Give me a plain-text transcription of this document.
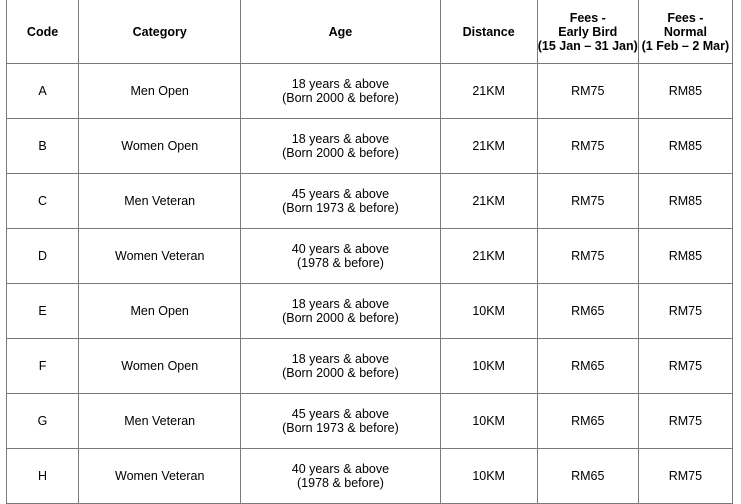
Code	Category	Age	Distance	Fees -
Early Bird
(15 Jan – 31 Jan)	Fees -
Normal
(1 Feb – 2 Mar)

A	Men Open	18 years & above
(Born 2000 & before)	21KM	RM75	RM85
B	Women Open	18 years & above
(Born 2000 & before)	21KM	RM75	RM85
C	Men Veteran	45 years & above
(Born 1973 & before)	21KM	RM75	RM85
D	Women Veteran	40 years & above
(1978 & before)	21KM	RM75	RM85
E	Men Open	18 years & above
(Born 2000 & before)	10KM	RM65	RM75
F	Women Open	18 years & above
(Born 2000 & before)	10KM	RM65	RM75
G	Men Veteran	45 years & above
(Born 1973 & before)	10KM	RM65	RM75
H	Women Veteran	40 years & above
(1978 & before)	10KM	RM65	RM75
